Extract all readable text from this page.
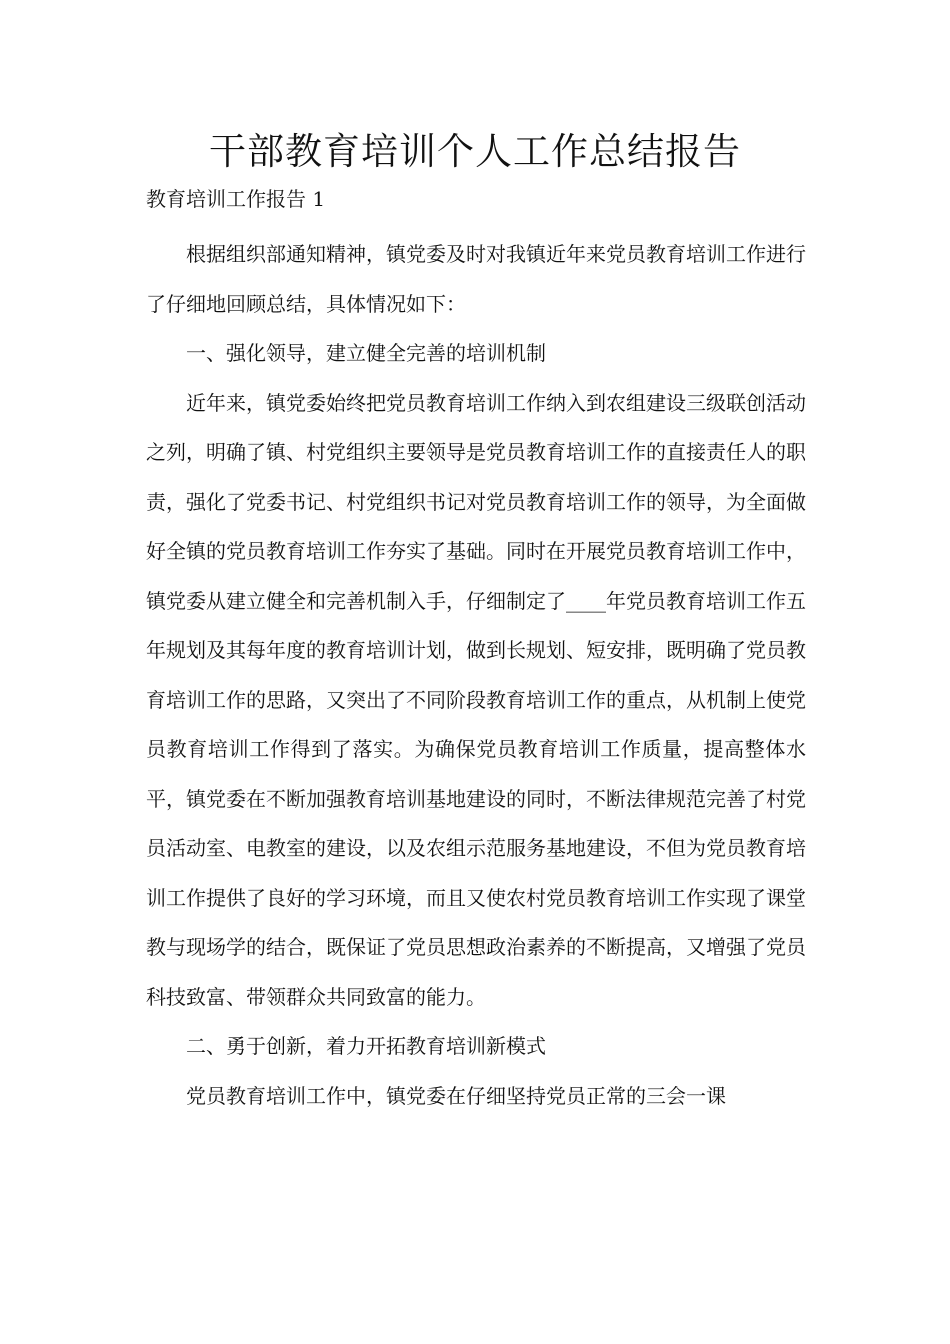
干部教育培训个人工作总结报告
教育培训工作报告 1

根据组织部通知精神，镇党委及时对我镇近年来党员教育培训工作进行了仔细地回顾总结，具体情况如下：

一、强化领导，建立健全完善的培训机制

近年来，镇党委始终把党员教育培训工作纳入到农组建设三级联创活动之列，明确了镇、村党组织主要领导是党员教育培训工作的直接责任人的职责，强化了党委书记、村党组织书记对党员教育培训工作的领导，为全面做好全镇的党员教育培训工作夯实了基础。同时在开展党员教育培训工作中，镇党委从建立健全和完善机制入手，仔细制定了____年党员教育培训工作五年规划及其每年度的教育培训计划，做到长规划、短安排，既明确了党员教育培训工作的思路，又突出了不同阶段教育培训工作的重点，从机制上使党员教育培训工作得到了落实。为确保党员教育培训工作质量，提高整体水平，镇党委在不断加强教育培训基地建设的同时，不断法律规范完善了村党员活动室、电教室的建设，以及农组示范服务基地建设，不但为党员教育培训工作提供了良好的学习环境，而且又使农村党员教育培训工作实现了课堂教与现场学的结合，既保证了党员思想政治素养的不断提高，又增强了党员科技致富、带领群众共同致富的能力。

二、勇于创新，着力开拓教育培训新模式

党员教育培训工作中，镇党委在仔细坚持党员正常的三会一课
